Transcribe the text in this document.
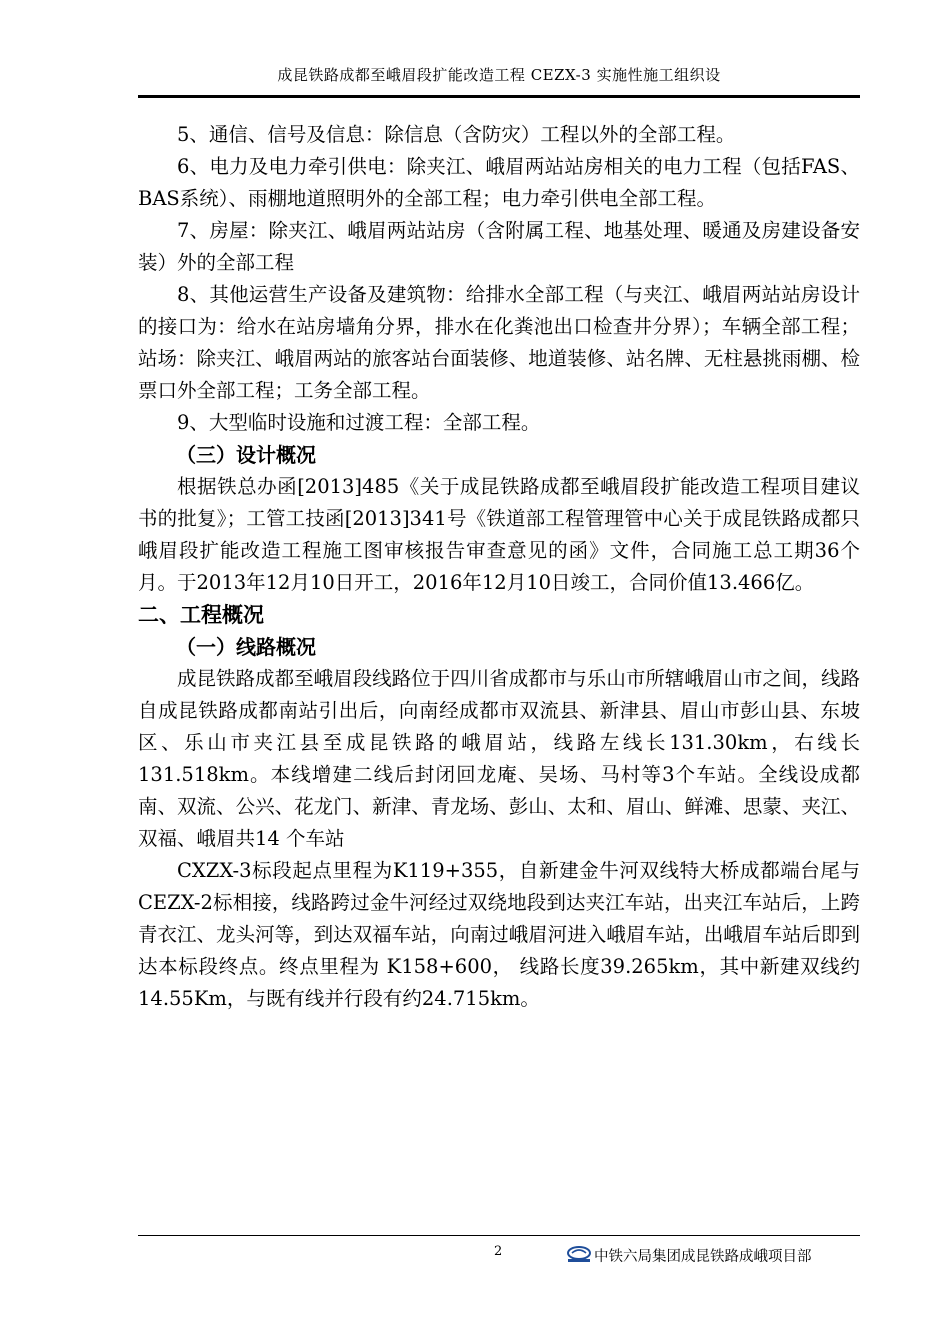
成昆铁路成都至峨眉段扩能改造工程 CEZX-3 实施性施工组织设

5、通信、信号及信息：除信息（含防灾）工程以外的全部工程。

6、电力及电力牵引供电：除夹江、峨眉两站站房相关的电力工程（包括FAS、BAS系统）、雨棚地道照明外的全部工程；电力牵引供电全部工程。

7、房屋：除夹江、峨眉两站站房（含附属工程、地基处理、暖通及房建设备安装）外的全部工程

8、其他运营生产设备及建筑物：给排水全部工程（与夹江、峨眉两站站房设计的接口为：给水在站房墙角分界，排水在化粪池出口检查井分界）；车辆全部工程；站场：除夹江、峨眉两站的旅客站台面装修、地道装修、站名牌、无柱悬挑雨棚、检票口外全部工程；工务全部工程。

9、大型临时设施和过渡工程：全部工程。

（三）设计概况

根据铁总办函[2013]485《关于成昆铁路成都至峨眉段扩能改造工程项目建议书的批复》；工管工技函[2013]341号《铁道部工程管理管中心关于成昆铁路成都只峨眉段扩能改造工程施工图审核报告审查意见的函》文件，合同施工总工期36个月。于2013年12月10日开工，2016年12月10日竣工，合同价值13.466亿。

二、工程概况

（一）线路概况

成昆铁路成都至峨眉段线路位于四川省成都市与乐山市所辖峨眉山市之间，线路自成昆铁路成都南站引出后，向南经成都市双流县、新津县、眉山市彭山县、东坡区、乐山市夹江县至成昆铁路的峨眉站，线路左线长131.30km，右线长131.518km。本线增建二线后封闭回龙庵、吴场、马村等3个车站。全线设成都南、双流、公兴、花龙门、新津、青龙场、彭山、太和、眉山、鲜滩、思蒙、夹江、双福、峨眉共14 个车站

CXZX-3标段起点里程为K119+355，自新建金牛河双线特大桥成都端台尾与CEZX-2标相接，线路跨过金牛河经过双绕地段到达夹江车站，出夹江车站后，上跨青衣江、龙头河等，到达双福车站，向南过峨眉河进入峨眉车站，出峨眉车站后即到达本标段终点。终点里程为 K158+600， 线路长度39.265km，其中新建双线约14.55Km，与既有线并行段有约24.715km。

2	中铁六局集团成昆铁路成峨项目部
